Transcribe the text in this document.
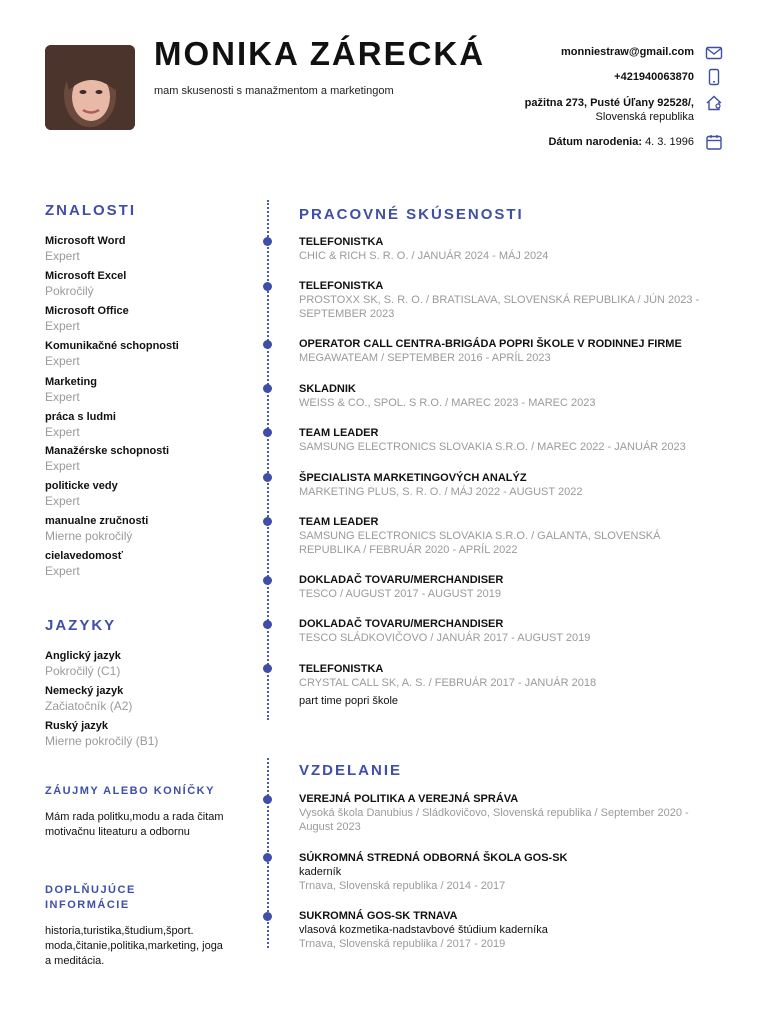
MONIKA ZÁRECKÁ
mam skusenosti s manažmentom a marketingom
monniestraw@gmail.com
+421940063870
pažitna 273, Pusté Úľany 92528/,
Slovenská republika
Dátum narodenia: 4. 3. 1996
ZNALOSTI
Microsoft Word
Expert
Microsoft Excel
Pokročilý
Microsoft Office
Expert
Komunikačné schopnosti
Expert
Marketing
Expert
práca s ludmi
Expert
Manažérske schopnosti
Expert
politicke vedy
Expert
manualne zručnosti
Mierne pokročilý
cielavedomosť
Expert
JAZYKY
Anglický jazyk
Pokročilý (C1)
Nemecký jazyk
Začiatočník (A2)
Ruský jazyk
Mierne pokročilý (B1)
ZÁUJMY ALEBO KONÍČKY
Mám rada politku,modu a rada čitam motivačnu liteaturu a odbornu
DOPLŇUJÚCE INFORMÁCIE
historia,turistika,študium,šport. moda,čitanie,politika,marketing, joga a meditácia.
PRACOVNÉ SKÚSENOSTI
TELEFONISTKA
CHIC & RICH S. R. O. / JANUÁR 2024 - MÁJ 2024
TELEFONISTKA
PROSTOXX SK, S. R. O. / BRATISLAVA, SLOVENSKÁ REPUBLIKA / JÚN 2023 - SEPTEMBER 2023
OPERATOR CALL CENTRA-BRIGÁDA POPRI ŠKOLE V RODINNEJ FIRME
MEGAWATEAM / SEPTEMBER 2016 - APRÍL 2023
SKLADNIK
WEISS & CO., SPOL. S R.O. / MAREC 2023 - MAREC 2023
TEAM LEADER
SAMSUNG ELECTRONICS SLOVAKIA S.R.O. / MAREC 2022 - JANUÁR 2023
ŠPECIALISTA MARKETINGOVÝCH ANALÝZ
MARKETING PLUS, S. R. O. / MÁJ 2022 - AUGUST 2022
TEAM LEADER
SAMSUNG ELECTRONICS SLOVAKIA S.R.O. / GALANTA, SLOVENSKÁ REPUBLIKA / FEBRUÁR 2020 - APRÍL 2022
DOKLADAČ TOVARU/MERCHANDISER
TESCO / AUGUST 2017 - AUGUST 2019
DOKLADAČ TOVARU/MERCHANDISER
TESCO SLÁDKOVIČOVO / JANUÁR 2017 - AUGUST 2019
TELEFONISTKA
CRYSTAL CALL SK, A. S. / FEBRUÁR 2017 - JANUÁR 2018
part time popri škole
VZDELANIE
VEREJNÁ POLITIKA A VEREJNÁ SPRÁVA
Vysoká škola Danubius / Sládkovičovo, Slovenská republika / September 2020 - August 2023
SÚKROMNÁ STREDNÁ ODBORNÁ ŠKOLA GOS-SK
kaderník
Trnava, Slovenská republika / 2014 - 2017
SUKROMNÁ GOS-SK TRNAVA
vlasová kozmetika-nadstavbové štúdium kaderníka
Trnava, Slovenská republika / 2017 - 2019
